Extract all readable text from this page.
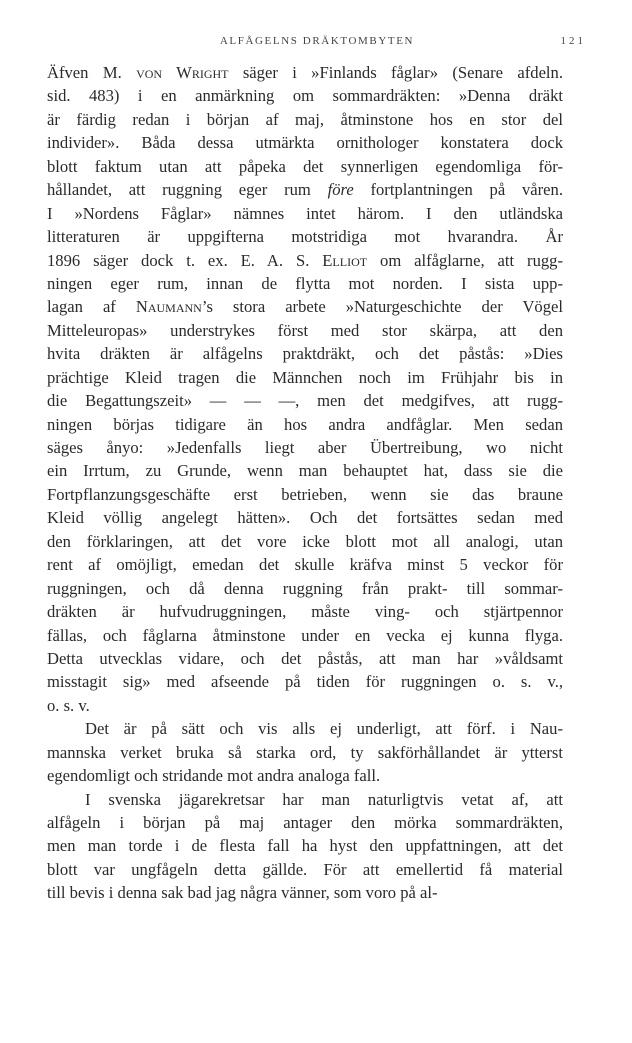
ALFÅGELNS DRÄKTOMBYTEN	121
Äfven M. von Wright säger i »Finlands fåglar» (Senare afdeln.
sid. 483) i en anmärkning om sommardräkten: »Denna dräkt
är färdig redan i början af maj, åtminstone hos en stor del
individer». Båda dessa utmärkta ornithologer konstatera dock
blott faktum utan att påpeka det synnerligen egendomliga för-
hållandet, att ruggning eger rum före fortplantningen på våren.
I »Nordens Fåglar» nämnes intet härom. I den utländska
litteraturen är uppgifterna motstridiga mot hvarandra. År
1896 säger dock t. ex. E. A. S. Elliot om alfåglarne, att rugg-
ningen eger rum, innan de flytta mot norden. I sista upp-
lagan af Naumann’s stora arbete »Naturgeschichte der Vögel
Mitteleuropas» understrykes först med stor skärpa, att den
hvita dräkten är alfågelns praktdräkt, och det påstås: »Dies
prächtige Kleid tragen die Männchen noch im Frühjahr bis in
die Begattungszeit» — — —, men det medgifves, att rugg-
ningen börjas tidigare än hos andra andfåglar. Men sedan
säges ånyo: »Jedenfalls liegt aber Übertreibung, wo nicht
ein Irrtum, zu Grunde, wenn man behauptet hat, dass sie die
Fortpflanzungsgeschäfte erst betrieben, wenn sie das braune
Kleid völlig angelegt hätten». Och det fortsättes sedan med
den förklaringen, att det vore icke blott mot all analogi, utan
rent af omöjligt, emedan det skulle kräfva minst 5 veckor för
ruggningen, och då denna ruggning från prakt- till sommar-
dräkten är hufvudruggningen, måste ving- och stjärtpennor
fällas, och fåglarna åtminstone under en vecka ej kunna flyga.
Detta utvecklas vidare, och det påstås, att man har »våldsamt
misstagit sig» med afseende på tiden för ruggningen o. s. v.,
o. s. v.
Det är på sätt och vis alls ej underligt, att förf. i Nau-
mannska verket bruka så starka ord, ty sakförhållandet är ytterst
egendomligt och stridande mot andra analoga fall.
I svenska jägarekretsar har man naturligtvis vetat af, att
alfågeln i början på maj antager den mörka sommardräkten,
men man torde i de flesta fall ha hyst den uppfattningen, att det
blott var ungfågeln detta gällde. För att emellertid få material
till bevis i denna sak bad jag några vänner, som voro på al-
